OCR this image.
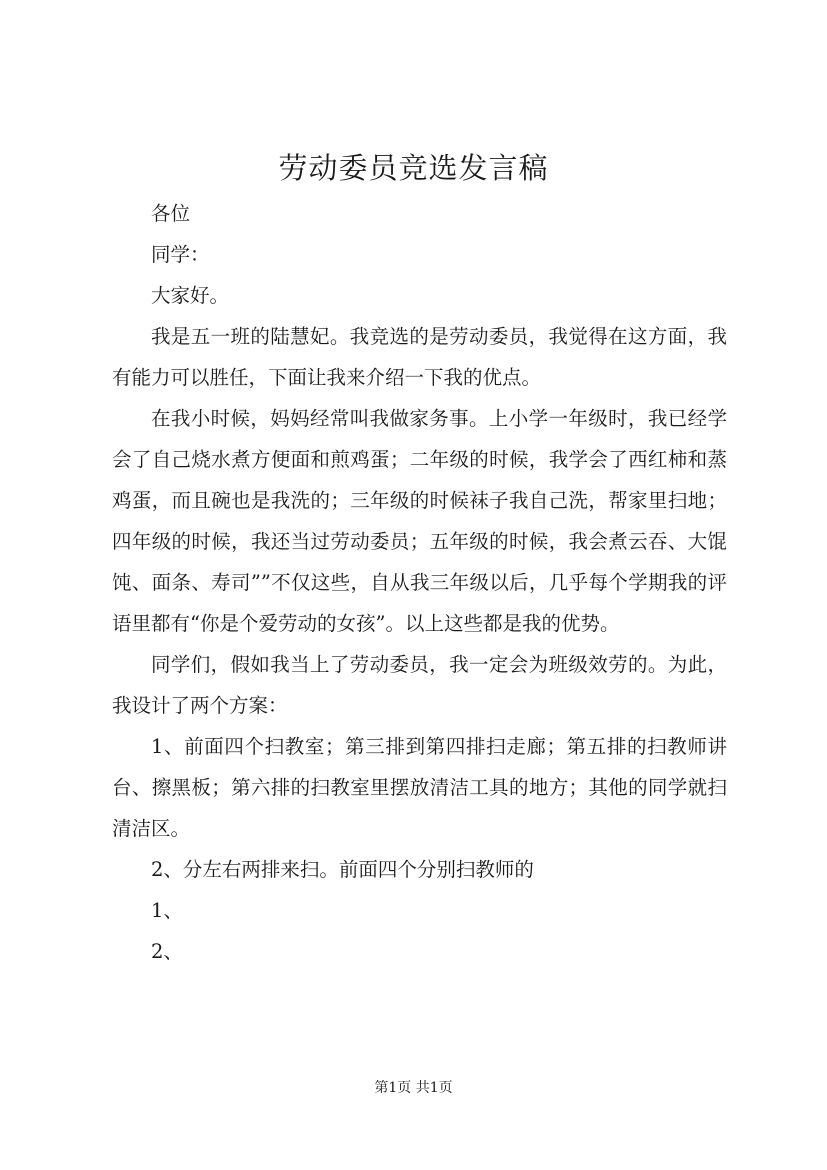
劳动委员竞选发言稿

各位

同学：

大家好。

我是五一班的陆慧妃。我竞选的是劳动委员，我觉得在这方面，我有能力可以胜任，下面让我来介绍一下我的优点。

在我小时候，妈妈经常叫我做家务事。上小学一年级时，我已经学会了自己烧水煮方便面和煎鸡蛋；二年级的时候，我学会了西红柿和蒸鸡蛋，而且碗也是我洗的；三年级的时候袜子我自己洗，帮家里扫地；四年级的时候，我还当过劳动委员；五年级的时候，我会煮云吞、大馄饨、面条、寿司””不仅这些，自从我三年级以后，几乎每个学期我的评语里都有“你是个爱劳动的女孩”。以上这些都是我的优势。

同学们，假如我当上了劳动委员，我一定会为班级效劳的。为此，我设计了两个方案：

1、前面四个扫教室；第三排到第四排扫走廊；第五排的扫教师讲台、擦黑板；第六排的扫教室里摆放清洁工具的地方；其他的同学就扫清洁区。

2、分左右两排来扫。前面四个分别扫教师的

1、

2、

第1页 共1页
